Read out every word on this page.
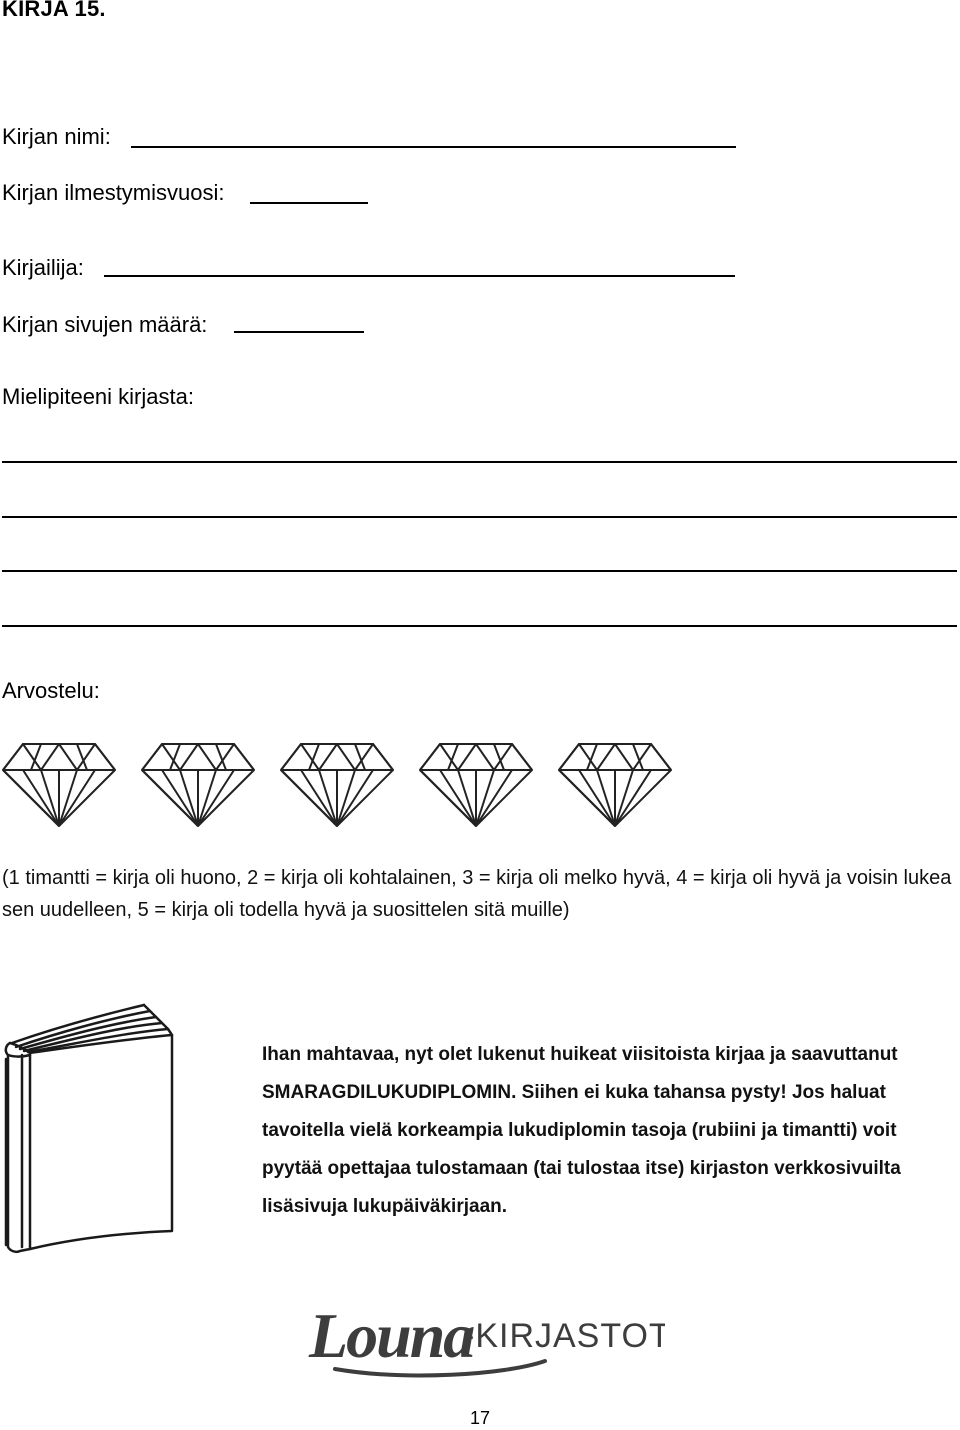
KIRJA 15.
Kirjan nimi:
Kirjan ilmestymisvuosi:
Kirjailija:
Kirjan sivujen määrä:
Mielipiteeni kirjasta:
Arvostelu:
(1 timantti = kirja oli huono, 2 = kirja oli kohtalainen, 3 = kirja oli melko hyvä, 4 = kirja oli hyvä ja voisin lukea sen uudelleen, 5 = kirja oli todella hyvä ja suosittelen sitä muille)
Ihan mahtavaa, nyt olet lukenut huikeat viisitoista kirjaa ja saavuttanut SMARAGDILUKUDIPLOMIN. Siihen ei kuka tahansa pysty! Jos haluat tavoitella vielä korkeampia lukudiplomin tasoja (rubiini ja timantti) voit pyytää opettajaa tulostamaan (tai tulostaa itse) kirjaston verkkosivuilta lisäsivuja lukupäiväkirjaan.
Louna
-KIRJASTOT
17
